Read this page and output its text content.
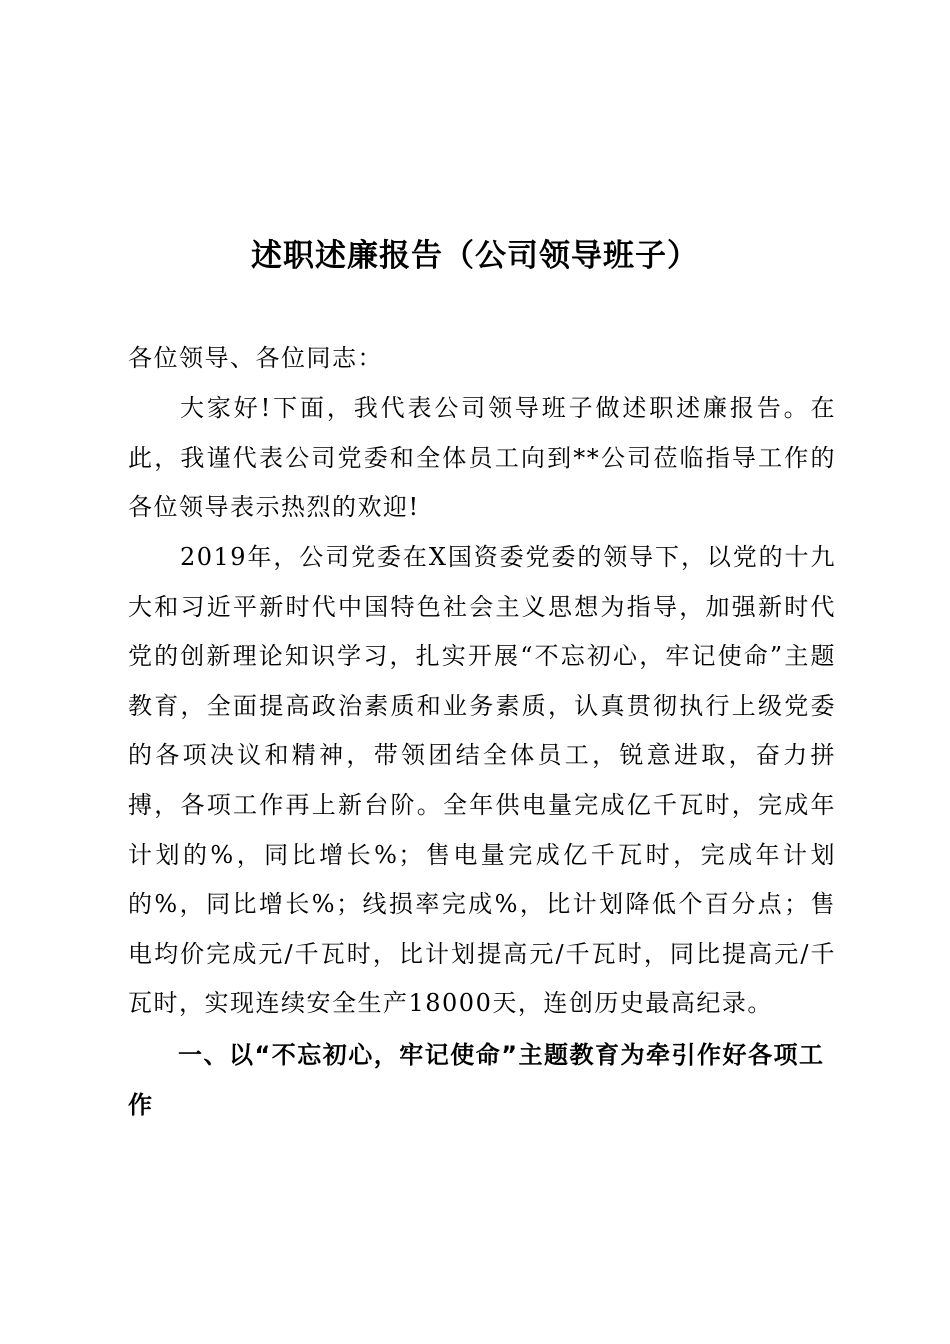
述职述廉报告（公司领导班子）

各位领导、各位同志：

大家好!下面，我代表公司领导班子做述职述廉报告。在此，我谨代表公司党委和全体员工向到**公司莅临指导工作的各位领导表示热烈的欢迎!

2019年，公司党委在X国资委党委的领导下，以党的十九大和习近平新时代中国特色社会主义思想为指导，加强新时代党的创新理论知识学习，扎实开展“不忘初心，牢记使命”主题教育，全面提高政治素质和业务素质，认真贯彻执行上级党委的各项决议和精神，带领团结全体员工，锐意进取，奋力拼搏，各项工作再上新台阶。全年供电量完成亿千瓦时，完成年计划的%，同比增长%；售电量完成亿千瓦时，完成年计划的%，同比增长%；线损率完成%，比计划降低个百分点；售电均价完成元/千瓦时，比计划提高元/千瓦时，同比提高元/千瓦时，实现连续安全生产18000天，连创历史最高纪录。

一、以“不忘初心，牢记使命”主题教育为牵引作好各项工作
